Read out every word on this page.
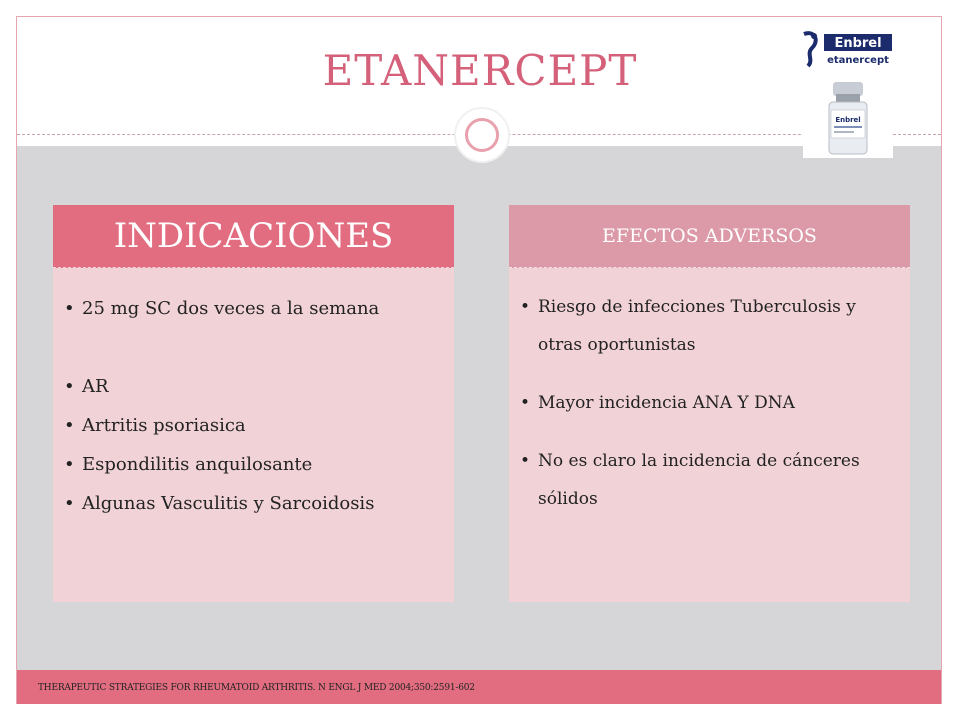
ETANERCEPT
Enbrel
etanercept
Enbrel
INDICACIONES
• 25 mg SC dos veces a la semana
• AR
• Artritis psoriasica
• Espondilitis anquilosante
• Algunas Vasculitis y Sarcoidosis
EFECTOS ADVERSOS
• Riesgo de infecciones Tuberculosis y otras oportunistas
• Mayor incidencia ANA Y DNA
• No es claro la incidencia de cánceres sólidos
THERAPEUTIC STRATEGIES FOR RHEUMATOID ARTHRITIS. N ENGL J MED 2004;350:2591-602
